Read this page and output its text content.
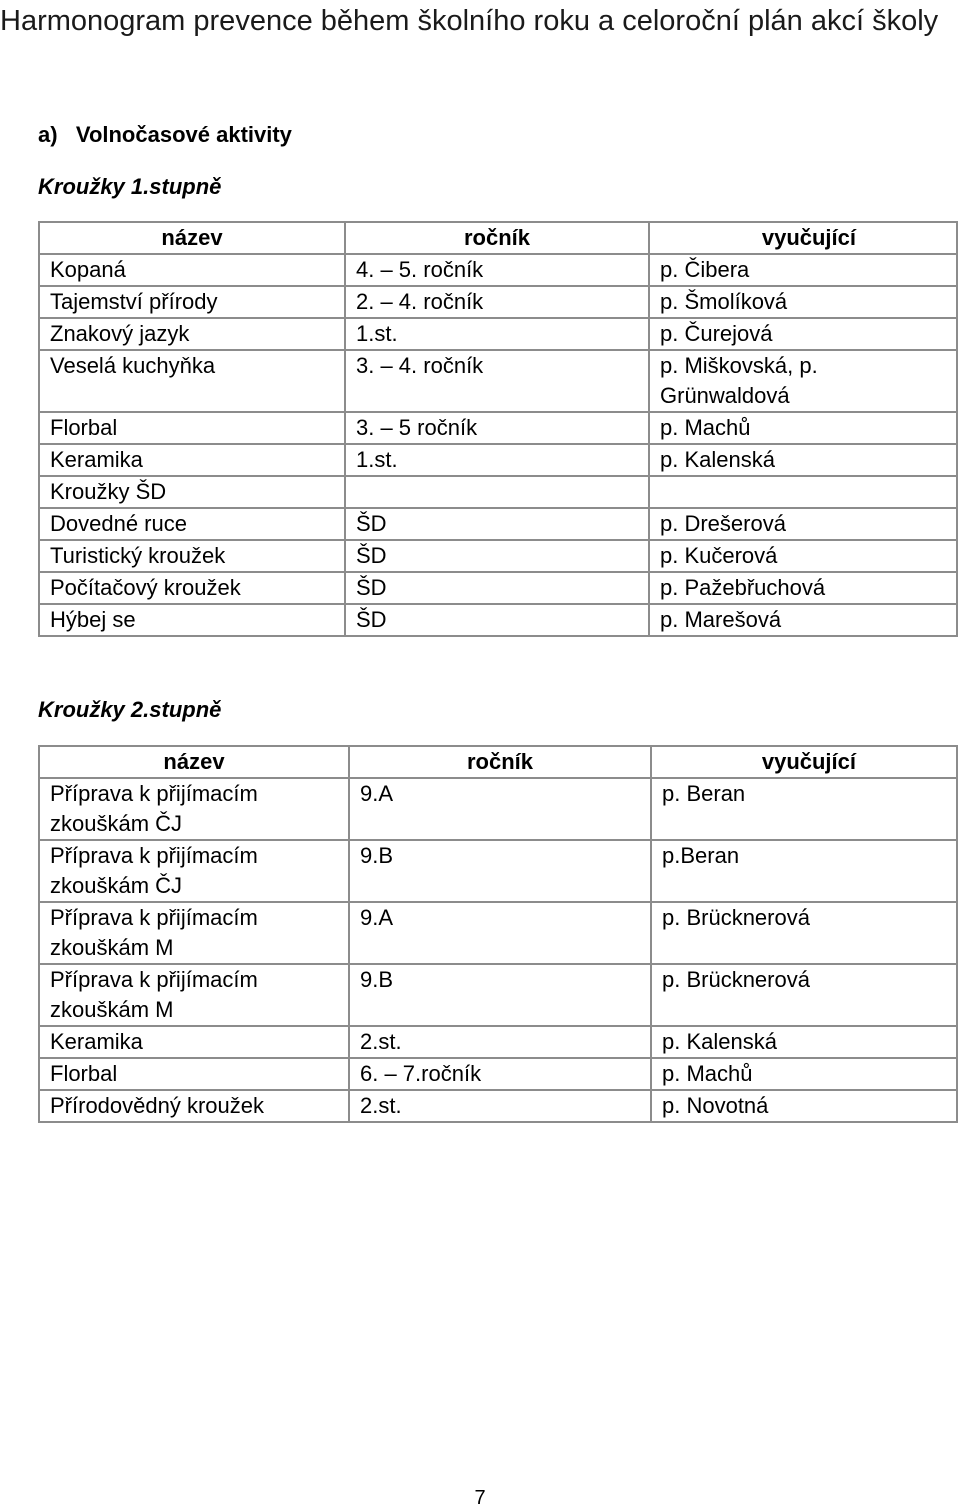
Harmonogram prevence během školního roku a celoroční plán akcí školy
a)   Volnočasové aktivity
Kroužky 1.stupně
název	ročník	vyučující
Kopaná	4. – 5. ročník	p. Čibera
Tajemství přírody	2. – 4. ročník	p. Šmolíková
Znakový jazyk	1.st.	p. Čurejová
Veselá kuchyňka	3. – 4. ročník	p. Miškovská, p. Grünwaldová
Florbal	3. – 5 ročník	p. Machů
Keramika	1.st.	p. Kalenská
Kroužky ŠD		
Dovedné ruce	ŠD	p. Drešerová
Turistický kroužek	ŠD	p. Kučerová
Počítačový kroužek	ŠD	p. Pažebřuchová
Hýbej se	ŠD	p. Marešová
Kroužky 2.stupně
název	ročník	vyučující
Příprava k přijímacím zkouškám ČJ	9.A	p. Beran
Příprava k přijímacím zkouškám ČJ	9.B	p.Beran
Příprava k přijímacím zkouškám M	9.A	p. Brücknerová
Příprava k přijímacím zkouškám M	9.B	p. Brücknerová
Keramika	2.st.	p. Kalenská
Florbal	6. – 7.ročník	p. Machů
Přírodovědný kroužek	2.st.	p. Novotná
7
